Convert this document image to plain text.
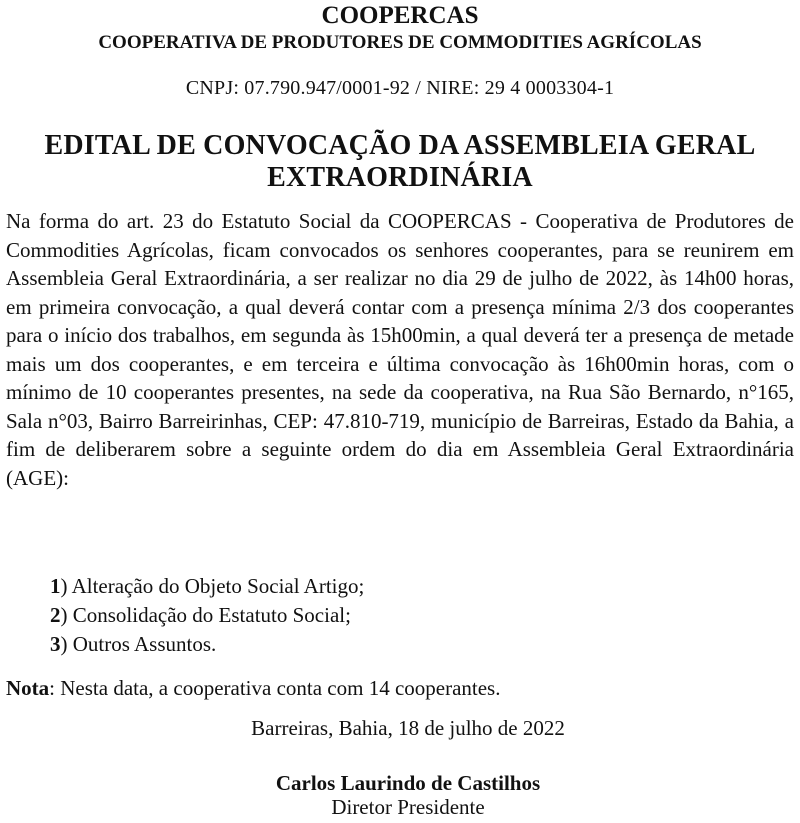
COOPERCAS
COOPERATIVA DE PRODUTORES DE COMMODITIES AGRÍCOLAS
CNPJ: 07.790.947/0001-92 / NIRE: 29 4 0003304-1
EDITAL DE CONVOCAÇÃO DA ASSEMBLEIA GERAL EXTRAORDINÁRIA
Na forma do art. 23 do Estatuto Social da COOPERCAS - Cooperativa de Produtores de Commodities Agrícolas, ficam convocados os senhores cooperantes, para se reunirem em Assembleia Geral Extraordinária, a ser realizar no dia 29 de julho de 2022, às 14h00 horas, em primeira convocação, a qual deverá contar com a presença mínima 2/3 dos cooperantes para o início dos trabalhos, em segunda às 15h00min, a qual deverá ter a presença de metade mais um dos cooperantes, e em terceira e última convocação às 16h00min horas, com o mínimo de 10 cooperantes presentes, na sede da cooperativa, na Rua São Bernardo, n°165, Sala n°03, Bairro Barreirinhas, CEP: 47.810-719, município de Barreiras, Estado da Bahia, a fim de deliberarem sobre a seguinte ordem do dia em Assembleia Geral Extraordinária (AGE):
1) Alteração do Objeto Social Artigo;
2) Consolidação do Estatuto Social;
3) Outros Assuntos.
Nota: Nesta data, a cooperativa conta com 14 cooperantes.
Barreiras, Bahia, 18 de julho de 2022
Carlos Laurindo de Castilhos
Diretor Presidente
